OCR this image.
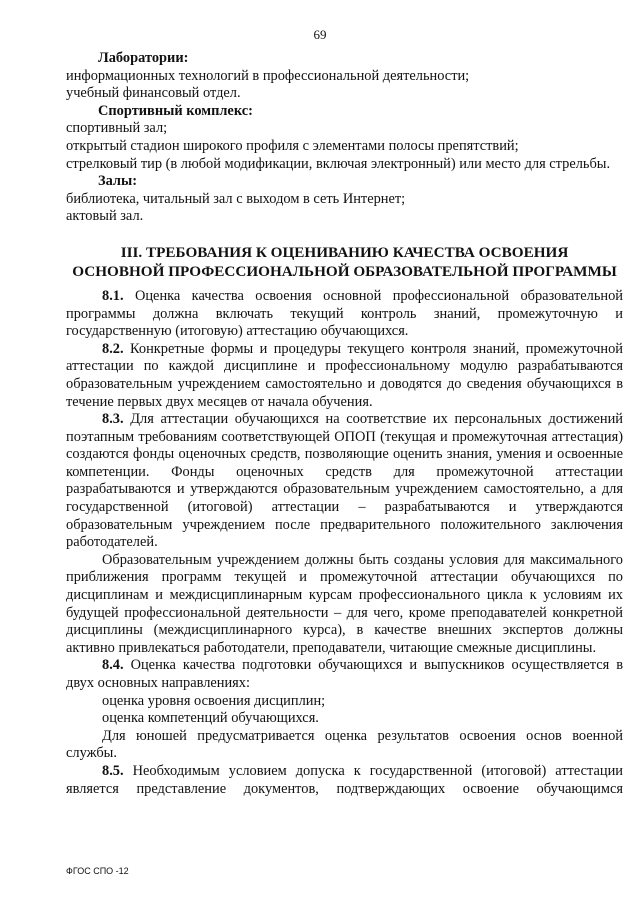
69

Лаборатории:

информационных технологий в профессиональной деятельности;

учебный финансовый отдел.

Спортивный комплекс:

спортивный зал;

открытый стадион широкого профиля с элементами полосы препятствий;

стрелковый тир (в любой модификации, включая электронный) или место для стрельбы.

Залы:

библиотека, читальный зал с выходом в сеть Интернет;

актовый зал.

III. ТРЕБОВАНИЯ К ОЦЕНИВАНИЮ КАЧЕСТВА ОСВОЕНИЯ
ОСНОВНОЙ ПРОФЕССИОНАЛЬНОЙ ОБРАЗОВАТЕЛЬНОЙ ПРОГРАММЫ

8.1. Оценка качества освоения основной профессиональной образовательной программы должна включать текущий контроль знаний, промежуточную и государственную (итоговую) аттестацию обучающихся.

8.2. Конкретные формы и процедуры текущего контроля знаний, промежуточной аттестации по каждой дисциплине и профессиональному модулю разрабатываются образовательным учреждением самостоятельно и доводятся до сведения обучающихся в течение первых двух месяцев от начала обучения.

8.3. Для аттестации обучающихся на соответствие их персональных достижений поэтапным требованиям соответствующей ОПОП (текущая и промежуточная аттестация) создаются фонды оценочных средств, позволяющие оценить знания, умения и освоенные компетенции. Фонды оценочных средств для промежуточной аттестации разрабатываются и утверждаются образовательным учреждением самостоятельно, а для государственной (итоговой) аттестации – разрабатываются и утверждаются образовательным учреждением после предварительного положительного заключения работодателей.

Образовательным учреждением должны быть созданы условия для максимального приближения программ текущей и промежуточной аттестации обучающихся по дисциплинам и междисциплинарным курсам профессионального цикла к условиям их будущей профессиональной деятельности – для чего, кроме преподавателей конкретной дисциплины (междисциплинарного курса), в качестве внешних экспертов должны активно привлекаться работодатели, преподаватели, читающие смежные дисциплины.

8.4. Оценка качества подготовки обучающихся и выпускников осуществляется в двух основных направлениях:

оценка уровня освоения дисциплин;

оценка компетенций обучающихся.

Для юношей предусматривается оценка результатов освоения основ военной службы.

8.5. Необходимым условием допуска к государственной (итоговой) аттестации является представление документов, подтверждающих освоение обучающимся

ФГОС СПО -12
